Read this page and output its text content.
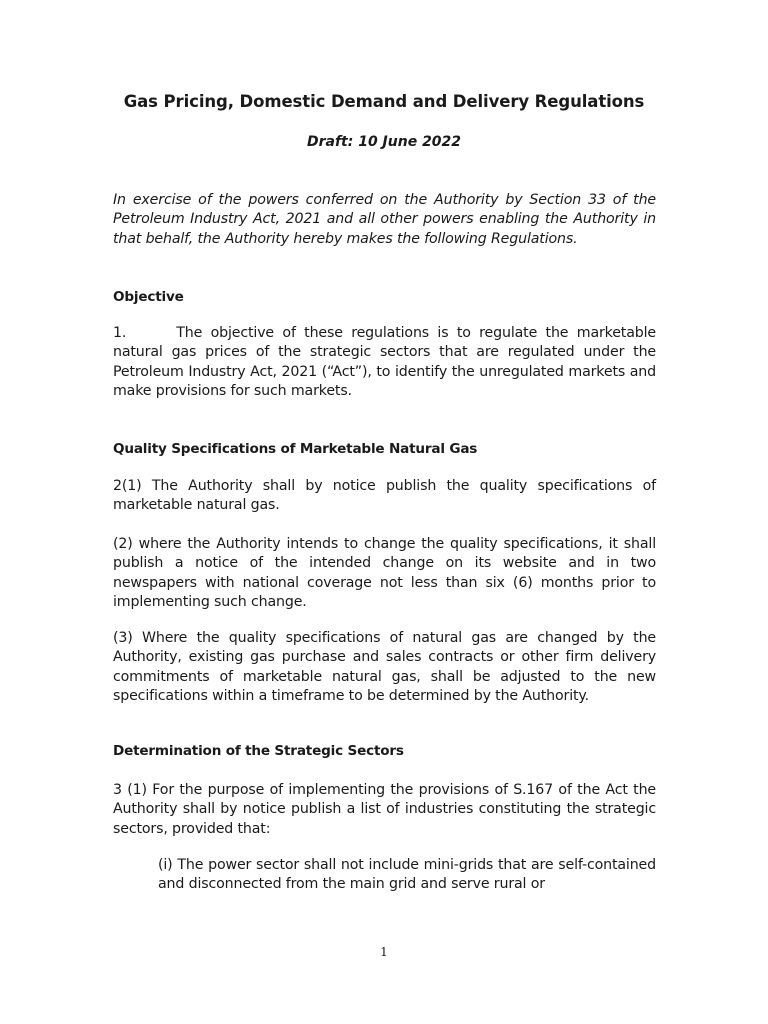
Gas Pricing, Domestic Demand and Delivery Regulations
Draft: 10 June 2022
In exercise of the powers conferred on the Authority by Section 33 of the Petroleum Industry Act, 2021 and all other powers enabling the Authority in that behalf, the Authority hereby makes the following Regulations.
Objective
1.	The objective of these regulations is to regulate the marketable natural gas prices of the strategic sectors that are regulated under the Petroleum Industry Act, 2021 (“Act”), to identify the unregulated markets and make provisions for such markets.
Quality Specifications of Marketable Natural Gas
2(1) The Authority shall by notice publish the quality specifications of marketable natural gas.
(2) where the Authority intends to change the quality specifications, it shall publish a notice of the intended change on its website and in two newspapers with national coverage not less than six (6) months prior to implementing such change.
(3) Where the quality specifications of natural gas are changed by the Authority, existing gas purchase and sales contracts or other firm delivery commitments of marketable natural gas, shall be adjusted to the new specifications within a timeframe to be determined by the Authority.
Determination of the Strategic Sectors
3 (1) For the purpose of implementing the provisions of S.167 of the Act the Authority shall by notice publish a list of industries constituting the strategic sectors, provided that:
(i) The power sector shall not include mini-grids that are self-contained and disconnected from the main grid and serve rural or
1
